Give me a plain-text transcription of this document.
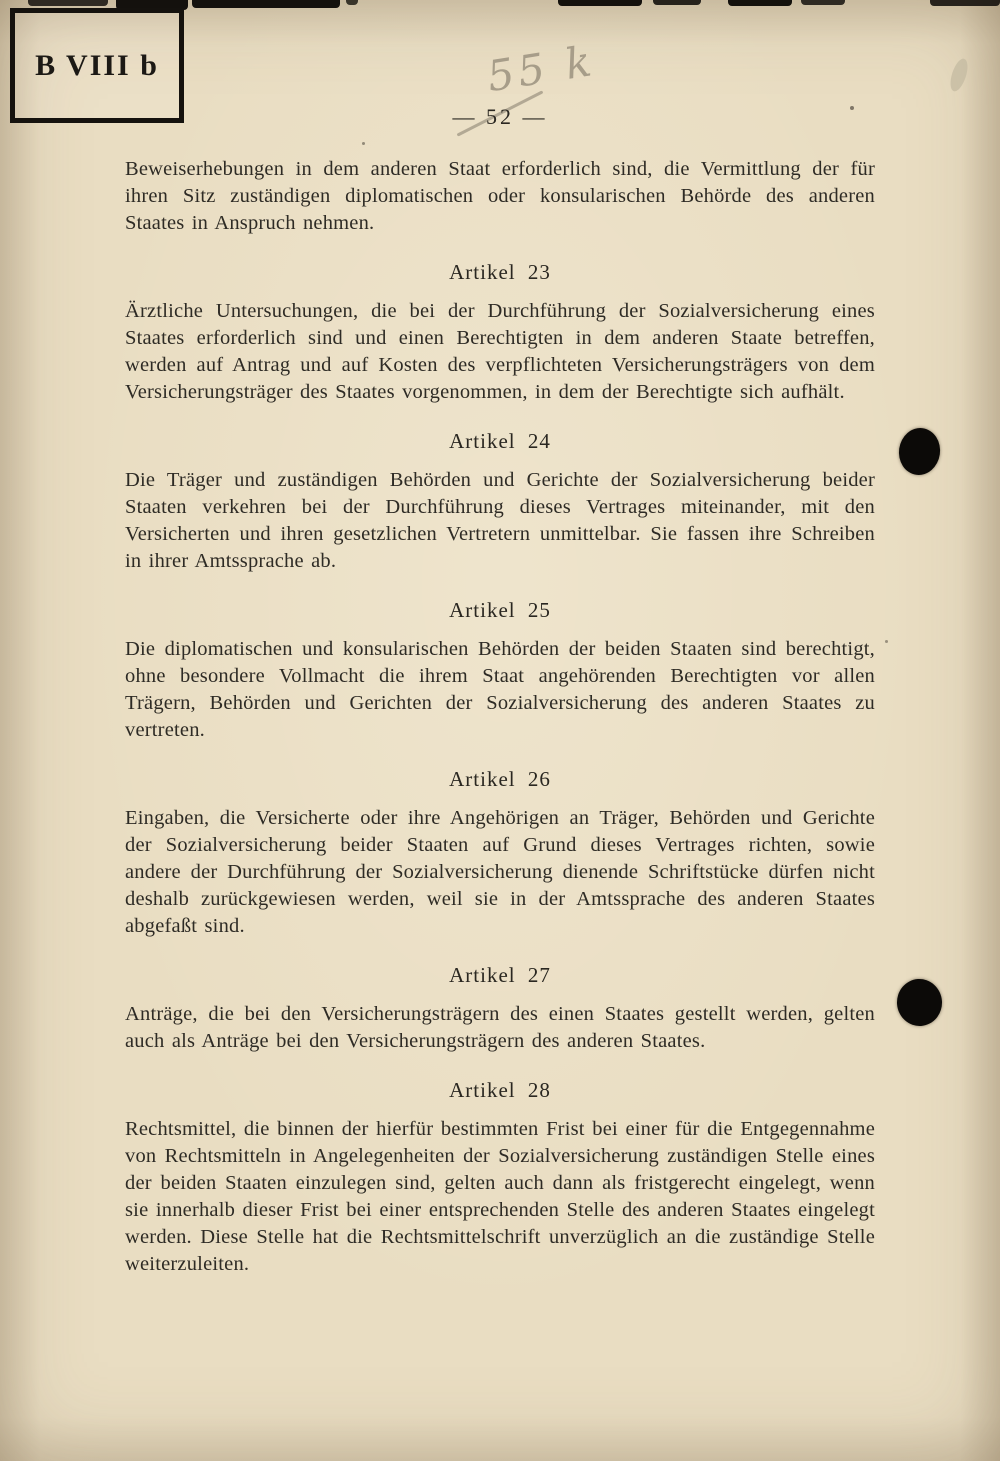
B VIII b	55 k
— 52 —

Beweiserhebungen in dem anderen Staat erforderlich sind, die Vermittlung der für ihren Sitz zuständigen diplomatischen oder konsularischen Behörde des anderen Staates in Anspruch nehmen.

Artikel 23

Ärztliche Untersuchungen, die bei der Durchführung der Sozialversicherung eines Staates erforderlich sind und einen Berechtigten in dem anderen Staate betreffen, werden auf Antrag und auf Kosten des verpflichteten Versicherungsträgers von dem Versicherungsträger des Staates vorgenommen, in dem der Berechtigte sich aufhält.

Artikel 24

Die Träger und zuständigen Behörden und Gerichte der Sozialversicherung beider Staaten verkehren bei der Durchführung dieses Vertrages miteinander, mit den Versicherten und ihren gesetzlichen Vertretern unmittelbar. Sie fassen ihre Schreiben in ihrer Amtssprache ab.

Artikel 25

Die diplomatischen und konsularischen Behörden der beiden Staaten sind berechtigt, ohne besondere Vollmacht die ihrem Staat angehörenden Berechtigten vor allen Trägern, Behörden und Gerichten der Sozialversicherung des anderen Staates zu vertreten.

Artikel 26

Eingaben, die Versicherte oder ihre Angehörigen an Träger, Behörden und Gerichte der Sozialversicherung beider Staaten auf Grund dieses Vertrages richten, sowie andere der Durchführung der Sozialversicherung dienende Schriftstücke dürfen nicht deshalb zurückgewiesen werden, weil sie in der Amtssprache des anderen Staates abgefaßt sind.

Artikel 27

Anträge, die bei den Versicherungsträgern des einen Staates gestellt werden, gelten auch als Anträge bei den Versicherungsträgern des anderen Staates.

Artikel 28

Rechtsmittel, die binnen der hierfür bestimmten Frist bei einer für die Entgegennahme von Rechtsmitteln in Angelegenheiten der Sozialversicherung zuständigen Stelle eines der beiden Staaten einzulegen sind, gelten auch dann als fristgerecht eingelegt, wenn sie innerhalb dieser Frist bei einer entsprechenden Stelle des anderen Staates eingelegt werden. Diese Stelle hat die Rechtsmittelschrift unverzüglich an die zuständige Stelle weiterzuleiten.
